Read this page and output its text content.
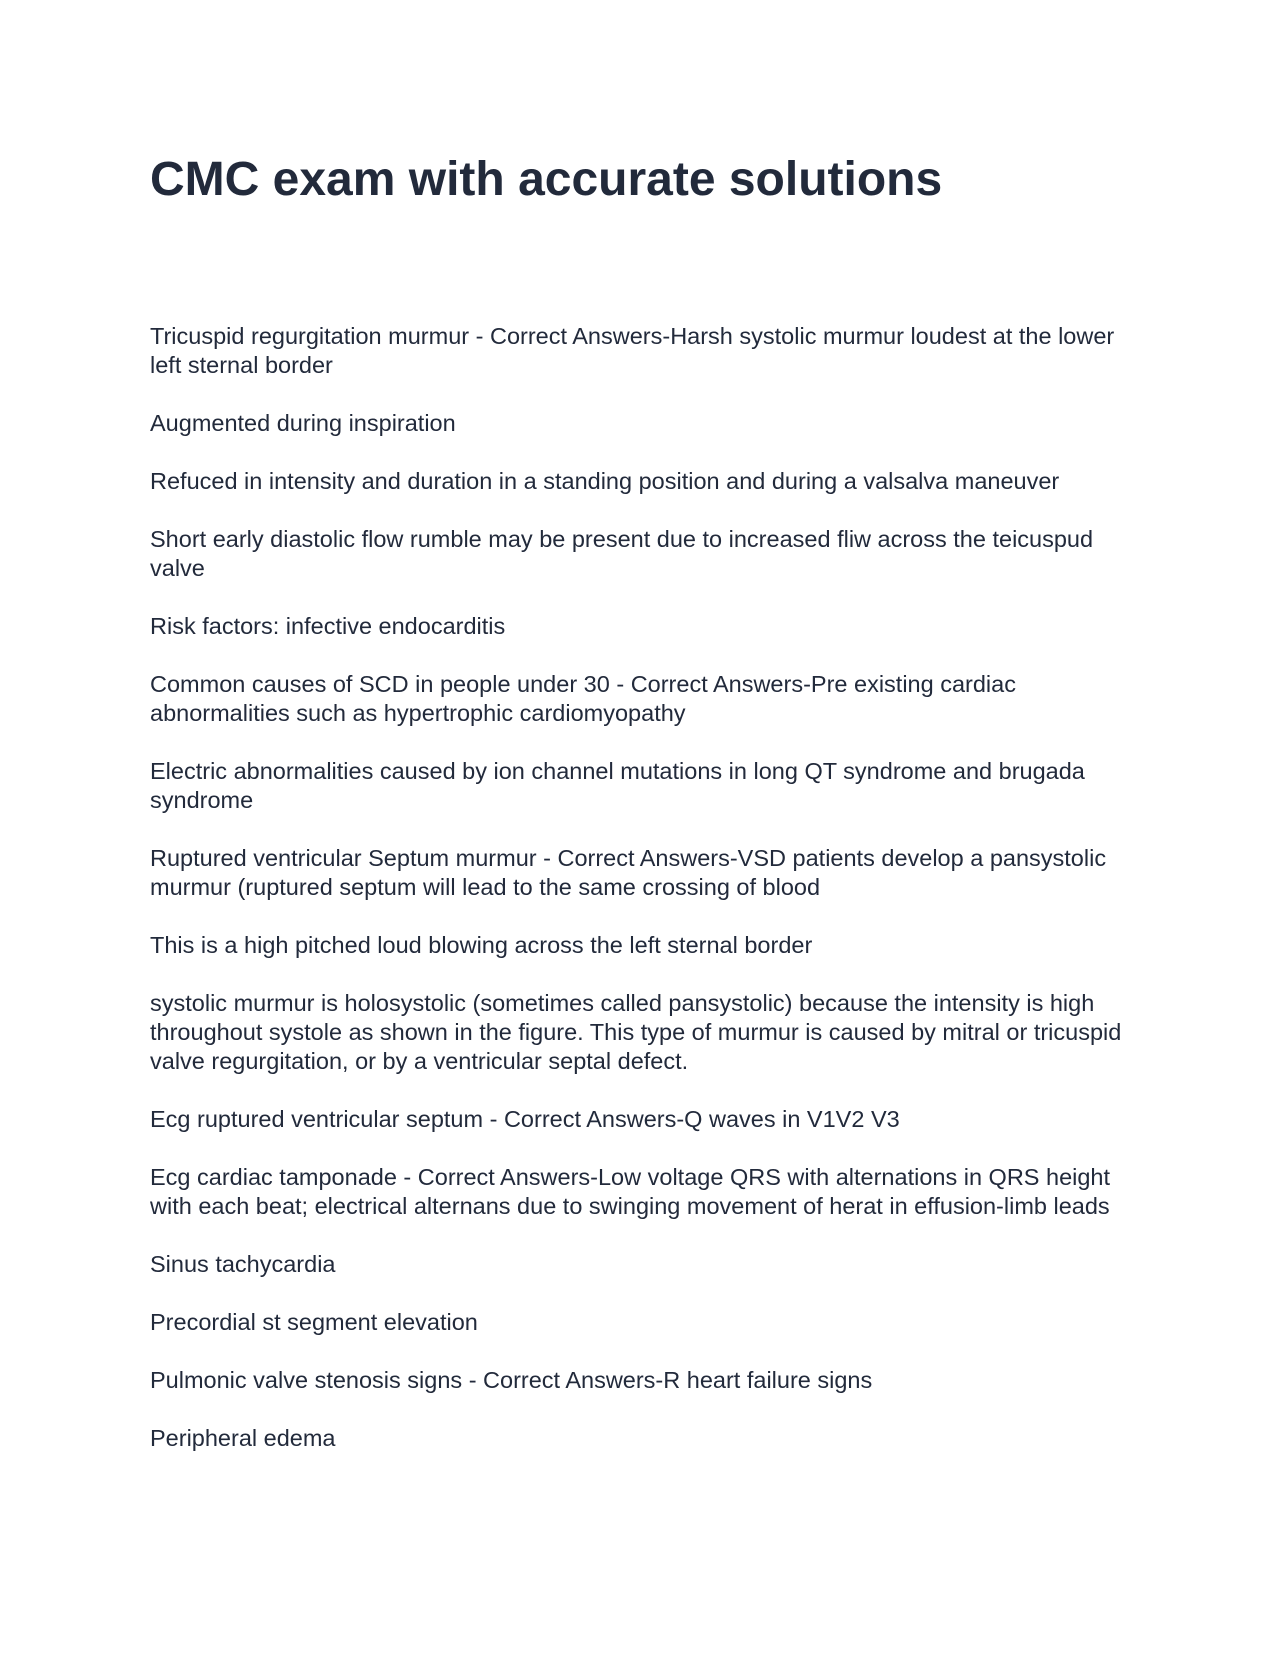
CMC exam with accurate solutions

Tricuspid regurgitation murmur - Correct Answers-Harsh systolic murmur loudest at the lower left sternal border

Augmented during inspiration

Refuced in intensity and duration in a standing position and during a valsalva maneuver

Short early diastolic flow rumble may be present due to increased fliw across the teicuspud valve

Risk factors: infective endocarditis

Common causes of SCD in people under 30 - Correct Answers-Pre existing cardiac abnormalities such as hypertrophic cardiomyopathy

Electric abnormalities caused by ion channel mutations in long QT syndrome and brugada syndrome

Ruptured ventricular Septum murmur - Correct Answers-VSD patients develop a pansystolic murmur (ruptured septum will lead to the same crossing of blood

This is a high pitched loud blowing across the left sternal border

systolic murmur is holosystolic (sometimes called pansystolic) because the intensity is high throughout systole as shown in the figure. This type of murmur is caused by mitral or tricuspid valve regurgitation, or by a ventricular septal defect.

Ecg ruptured ventricular septum - Correct Answers-Q waves in V1V2 V3

Ecg cardiac tamponade - Correct Answers-Low voltage QRS with alternations in QRS height with each beat; electrical alternans due to swinging movement of herat in effusion-limb leads

Sinus tachycardia

Precordial st segment elevation

Pulmonic valve stenosis signs - Correct Answers-R heart failure signs

Peripheral edema
